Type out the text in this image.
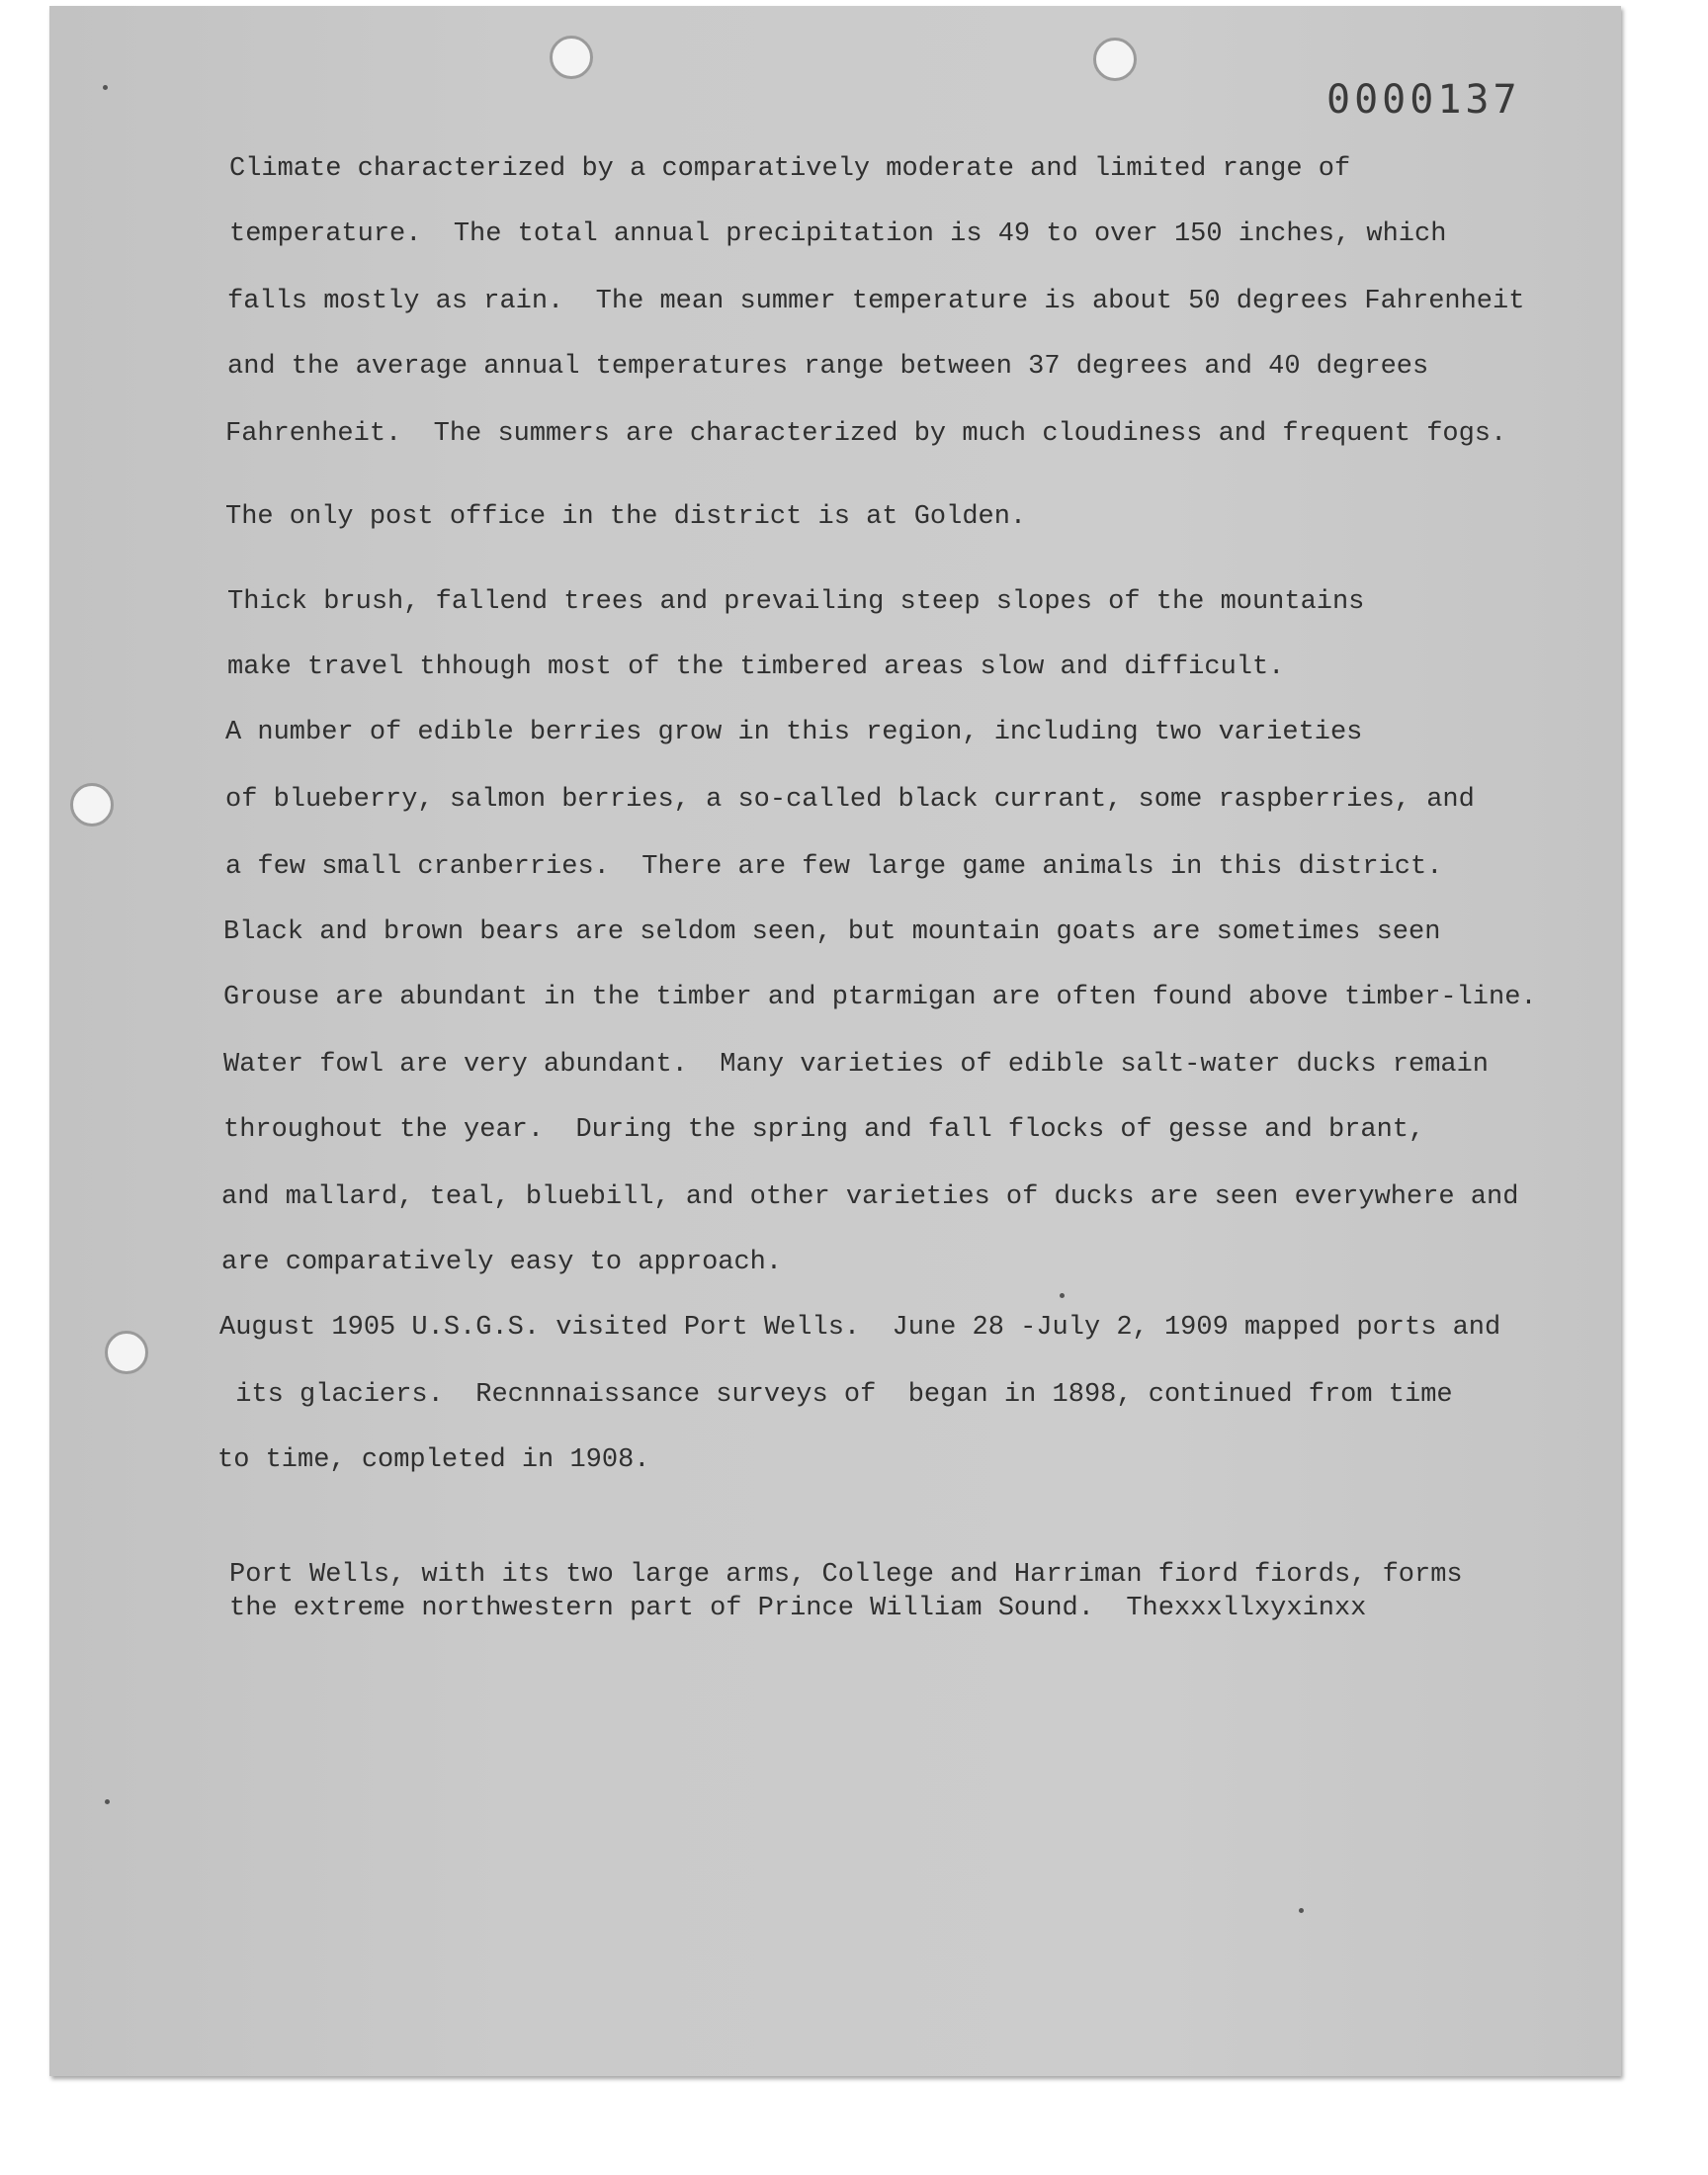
0000137
Climate characterized by a comparatively moderate and limited range of
temperature.  The total annual precipitation is 49 to over 150 inches, which
falls mostly as rain.  The mean summer temperature is about 50 degrees Fahrenheit
and the average annual temperatures range between 37 degrees and 40 degrees
Fahrenheit.  The summers are characterized by much cloudiness and frequent fogs.
The only post office in the district is at Golden.
Thick brush, fallend trees and prevailing steep slopes of the mountains
make travel thhough most of the timbered areas slow and difficult.
A number of edible berries grow in this region, including two varieties
of blueberry, salmon berries, a so-called black currant, some raspberries, and
a few small cranberries.  There are few large game animals in this district.
Black and brown bears are seldom seen, but mountain goats are sometimes seen
Grouse are abundant in the timber and ptarmigan are often found above timber-line.
Water fowl are very abundant.  Many varieties of edible salt-water ducks remain
throughout the year.  During the spring and fall flocks of gesse and brant,
and mallard, teal, bluebill, and other varieties of ducks are seen everywhere and
are comparatively easy to approach.
August 1905 U.S.G.S. visited Port Wells.  June 28 -July 2, 1909 mapped ports and
its glaciers.  Recnnnaissance surveys of  began in 1898, continued from time
to time, completed in 1908.
Port Wells, with its two large arms, College and Harriman fiord fiords, forms
the extreme northwestern part of Prince William Sound.  Thexxxllxyxinxx
